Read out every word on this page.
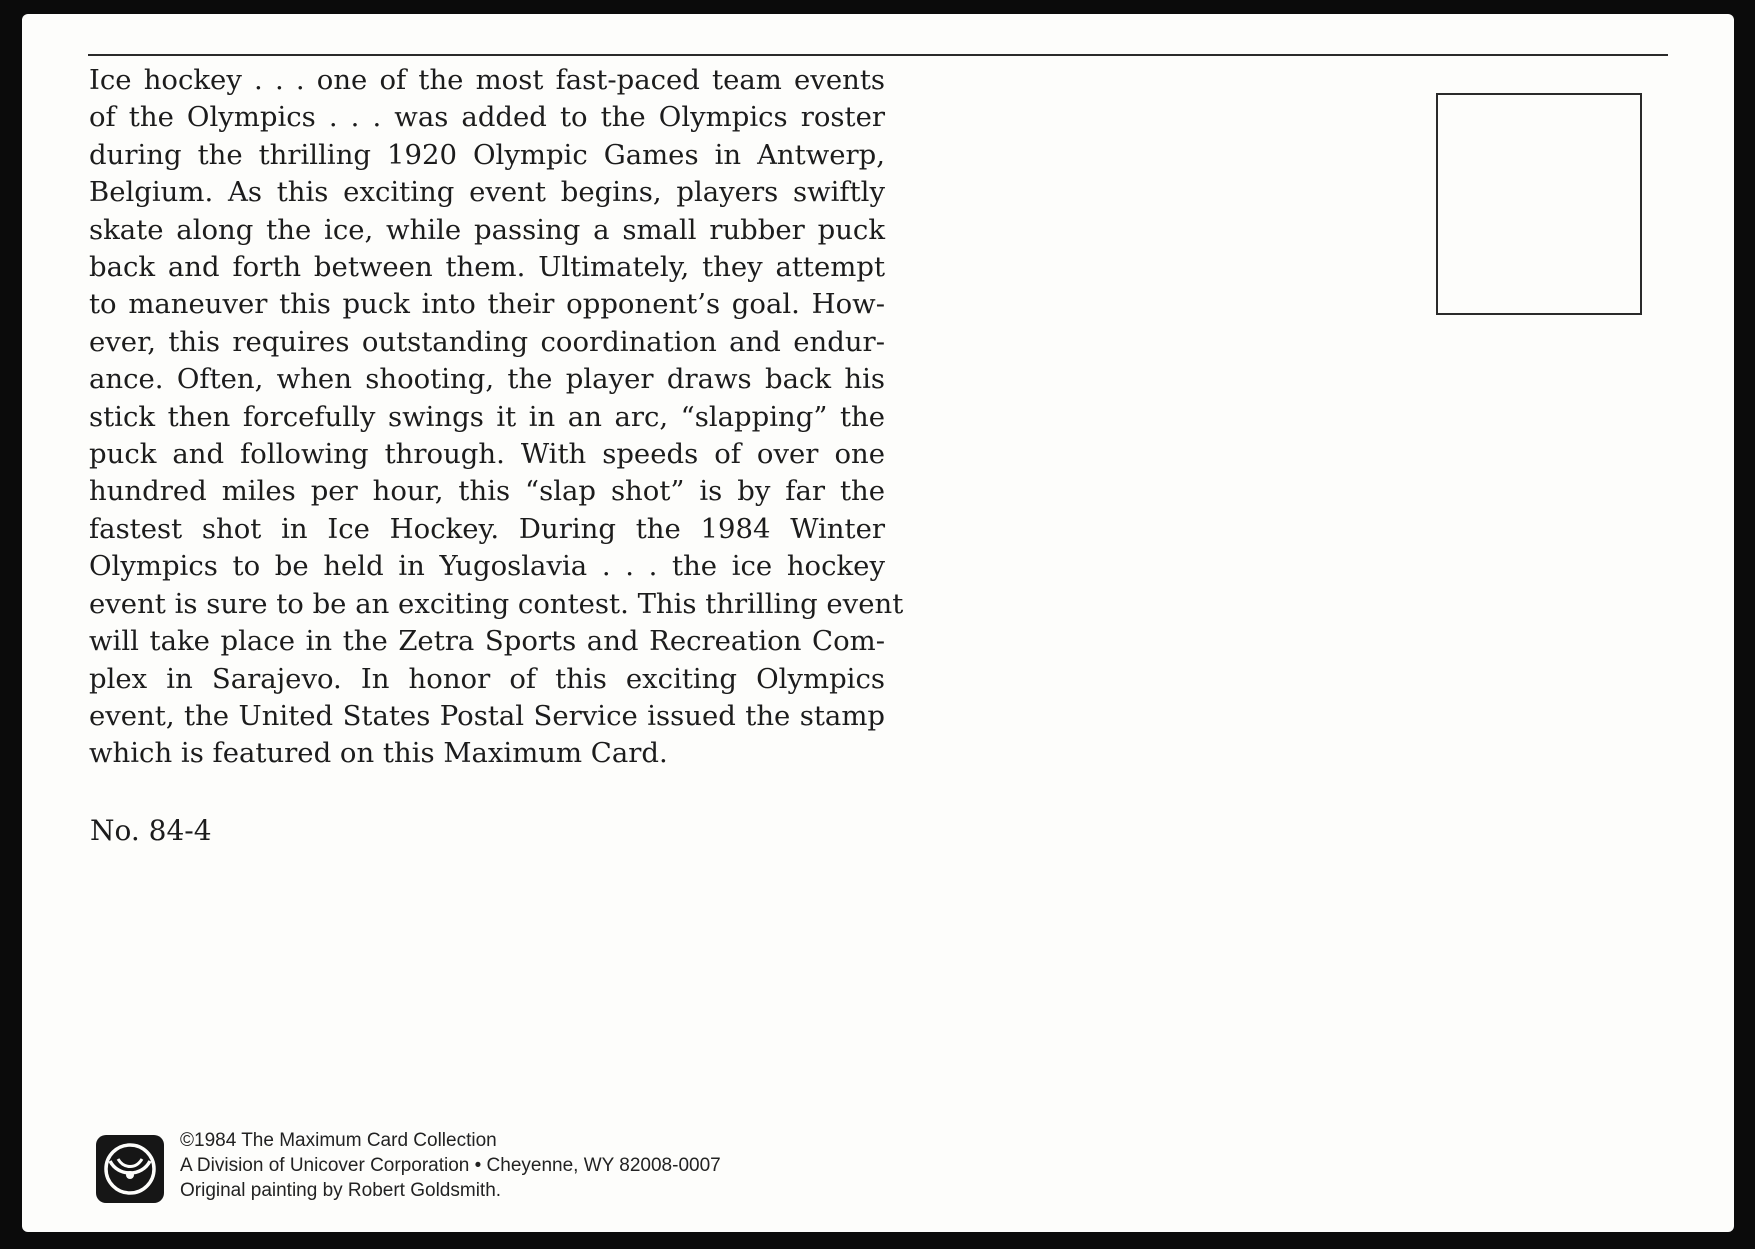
Ice hockey . . . one of the most fast-paced team events
of the Olympics . . . was added to the Olympics roster
during the thrilling 1920 Olympic Games in Antwerp,
Belgium. As this exciting event begins, players swiftly
skate along the ice, while passing a small rubber puck
back and forth between them. Ultimately, they attempt
to maneuver this puck into their opponent’s goal. How-
ever, this requires outstanding coordination and endur-
ance. Often, when shooting, the player draws back his
stick then forcefully swings it in an arc, “slapping” the
puck and following through. With speeds of over one
hundred miles per hour, this “slap shot” is by far the
fastest shot in Ice Hockey. During the 1984 Winter
Olympics to be held in Yugoslavia . . . the ice hockey
event is sure to be an exciting contest. This thrilling event
will take place in the Zetra Sports and Recreation Com-
plex in Sarajevo. In honor of this exciting Olympics
event, the United States Postal Service issued the stamp
which is featured on this Maximum Card.
No. 84-4
©1984 The Maximum Card Collection
A Division of Unicover Corporation • Cheyenne, WY 82008-0007
Original painting by Robert Goldsmith.
